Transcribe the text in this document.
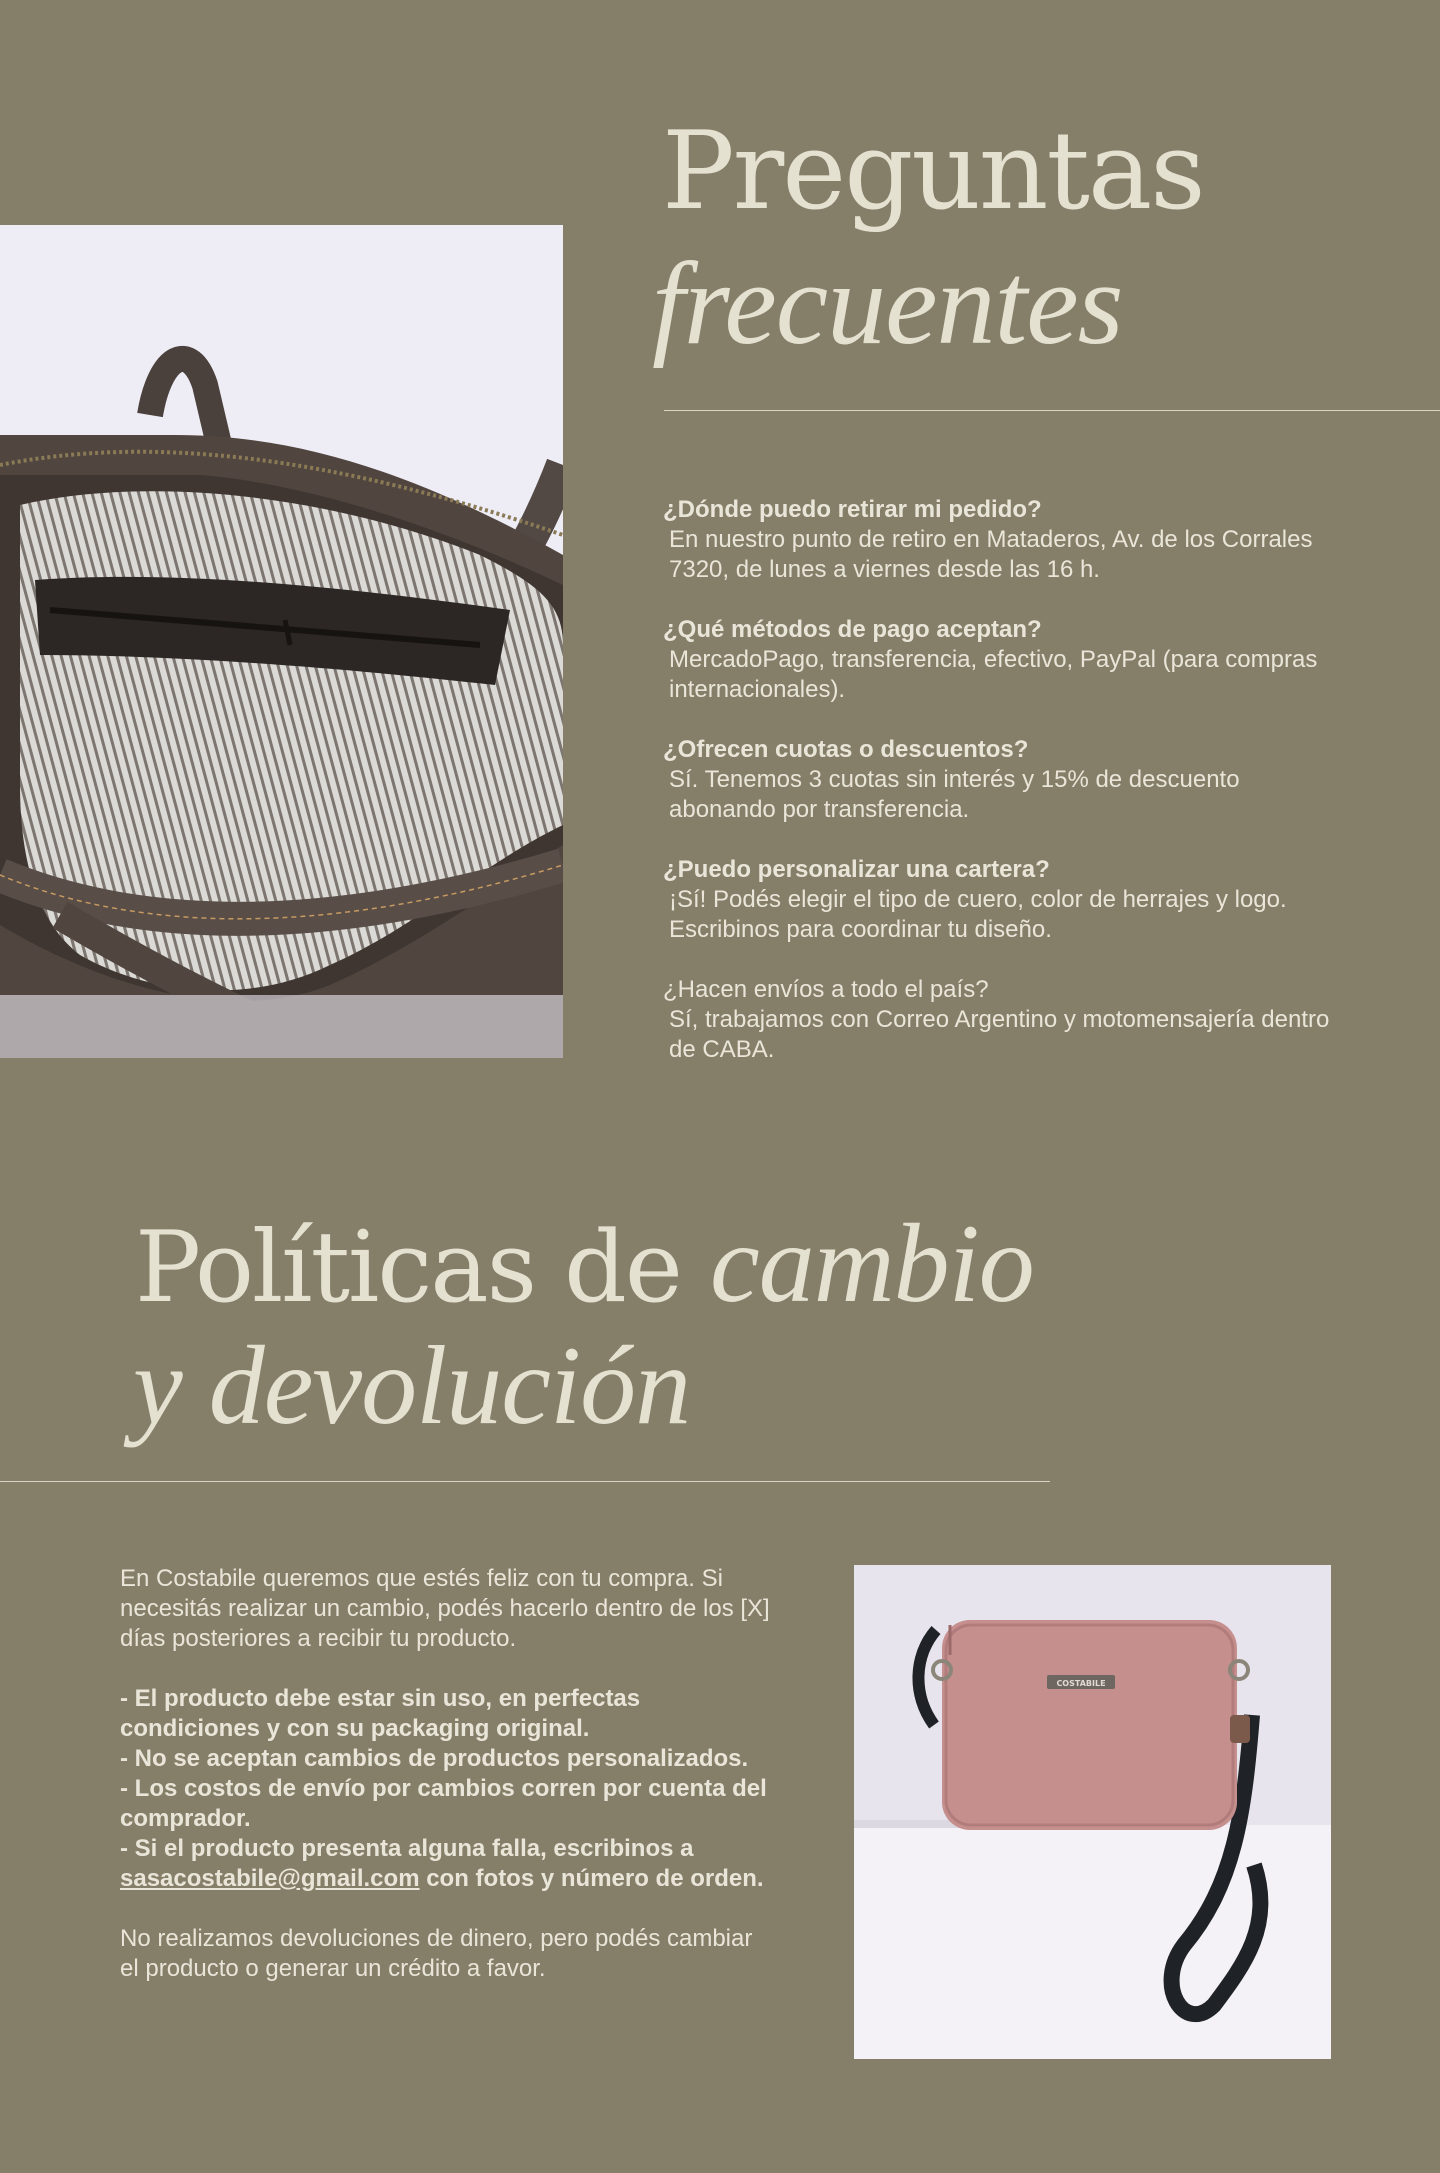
Preguntas
frecuentes
¿Dónde puedo retirar mi pedido?
En nuestro punto de retiro en Mataderos, Av. de los Corrales 7320, de lunes a viernes desde las 16 h.
¿Qué métodos de pago aceptan?
MercadoPago, transferencia, efectivo, PayPal (para compras internacionales).
¿Ofrecen cuotas o descuentos?
Sí. Tenemos 3 cuotas sin interés y 15% de descuento abonando por transferencia.
¿Puedo personalizar una cartera?
¡Sí! Podés elegir el tipo de cuero, color de herrajes y logo. Escribinos para coordinar tu diseño.
¿Hacen envíos a todo el país?
Sí, trabajamos con Correo Argentino y motomensajería dentro de CABA.
Políticas de cambio
y devolución

En Costabile queremos que estés feliz con tu compra. Si necesitás realizar un cambio, podés hacerlo dentro de los [X] días posteriores a recibir tu producto.

- El producto debe estar sin uso, en perfectas condiciones y con su packaging original.
- No se aceptan cambios de productos personalizados.
- Los costos de envío por cambios corren por cuenta del comprador.
- Si el producto presenta alguna falla, escribinos a sasacostabile@gmail.com con fotos y número de orden.

No realizamos devoluciones de dinero, pero podés cambiar el producto o generar un crédito a favor.

COSTABILE
